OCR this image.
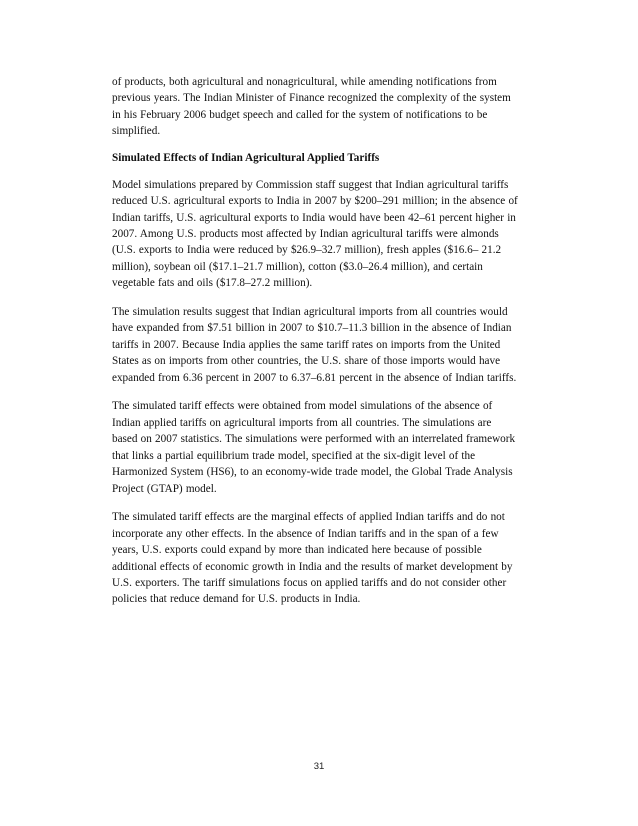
of products, both agricultural and nonagricultural, while amending notifications from
previous years. The Indian Minister of Finance recognized the complexity of the system
in his February 2006 budget speech and called for the system of notifications to be
simplified.

Simulated Effects of Indian Agricultural Applied Tariffs

Model simulations prepared by Commission staff suggest that Indian agricultural tariffs
reduced U.S. agricultural exports to India in 2007 by $200–291 million; in the absence of
Indian tariffs, U.S. agricultural exports to India would have been 42–61 percent higher in
2007. Among U.S. products most affected by Indian agricultural tariffs were almonds
(U.S. exports to India were reduced by $26.9–32.7 million), fresh apples ($16.6– 21.2
million), soybean oil ($17.1–21.7 million), cotton ($3.0–26.4 million), and certain
vegetable fats and oils ($17.8–27.2 million).

The simulation results suggest that Indian agricultural imports from all countries would
have expanded from $7.51 billion in 2007 to $10.7–11.3 billion in the absence of Indian
tariffs in 2007. Because India applies the same tariff rates on imports from the United
States as on imports from other countries, the U.S. share of those imports would have
expanded from 6.36 percent in 2007 to 6.37–6.81 percent in the absence of Indian tariffs.

The simulated tariff effects were obtained from model simulations of the absence of
Indian applied tariffs on agricultural imports from all countries. The simulations are
based on 2007 statistics. The simulations were performed with an interrelated framework
that links a partial equilibrium trade model, specified at the six-digit level of the
Harmonized System (HS6), to an economy-wide trade model, the Global Trade Analysis
Project (GTAP) model.

The simulated tariff effects are the marginal effects of applied Indian tariffs and do not
incorporate any other effects. In the absence of Indian tariffs and in the span of a few
years, U.S. exports could expand by more than indicated here because of possible
additional effects of economic growth in India and the results of market development by
U.S. exporters. The tariff simulations focus on applied tariffs and do not consider other
policies that reduce demand for U.S. products in India.

31
